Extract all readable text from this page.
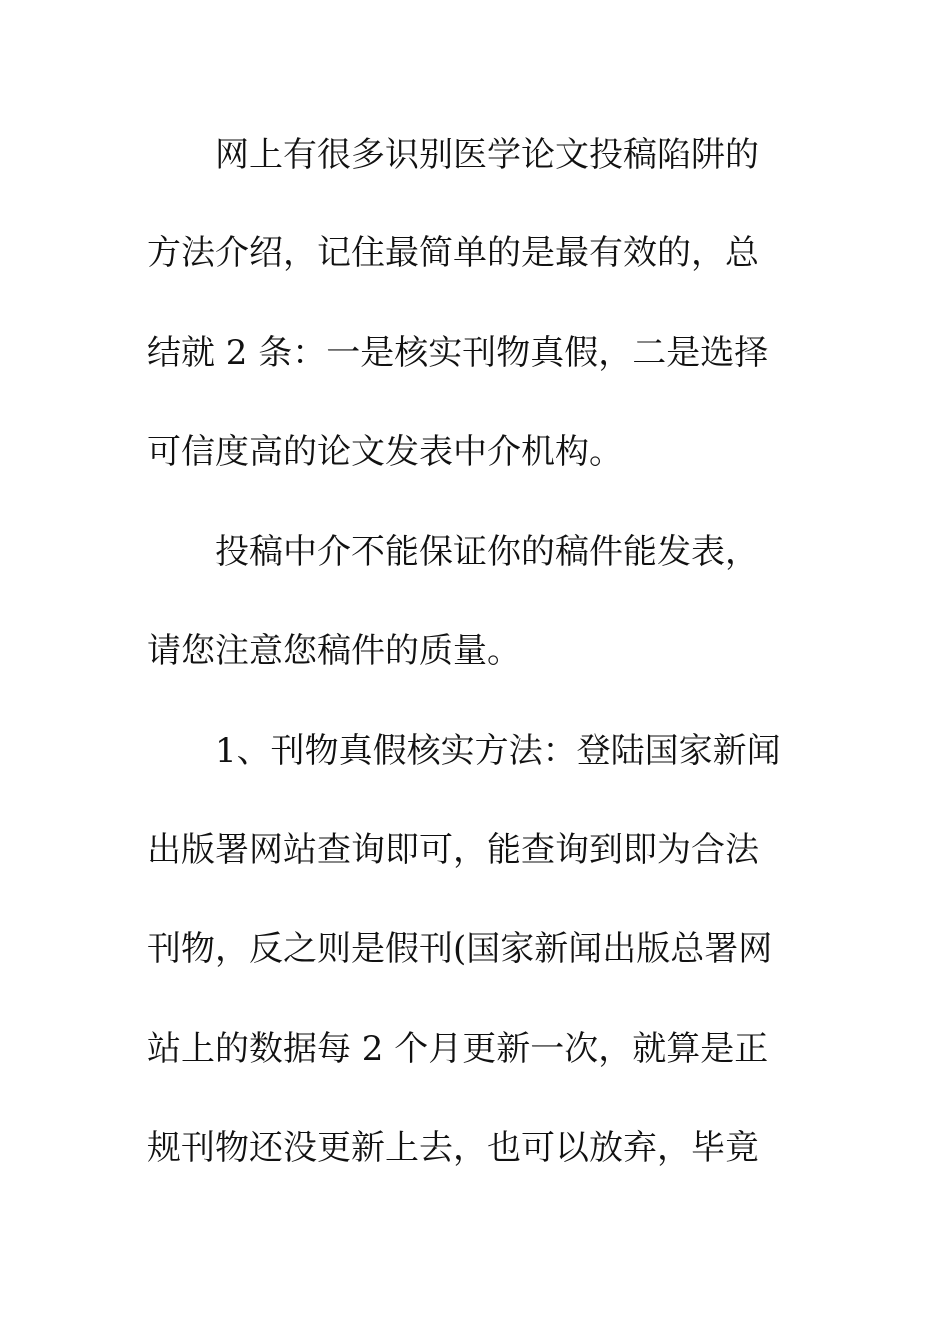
网上有很多识别医学论文投稿陷阱的
方法介绍，记住最简单的是最有效的，总
结就 2 条：一是核实刊物真假，二是选择
可信度高的论文发表中介机构。
投稿中介不能保证你的稿件能发表，
请您注意您稿件的质量。
1、刊物真假核实方法：登陆国家新闻
出版署网站查询即可，能查询到即为合法
刊物，反之则是假刊(国家新闻出版总署网
站上的数据每 2 个月更新一次，就算是正
规刊物还没更新上去，也可以放弃，毕竟
